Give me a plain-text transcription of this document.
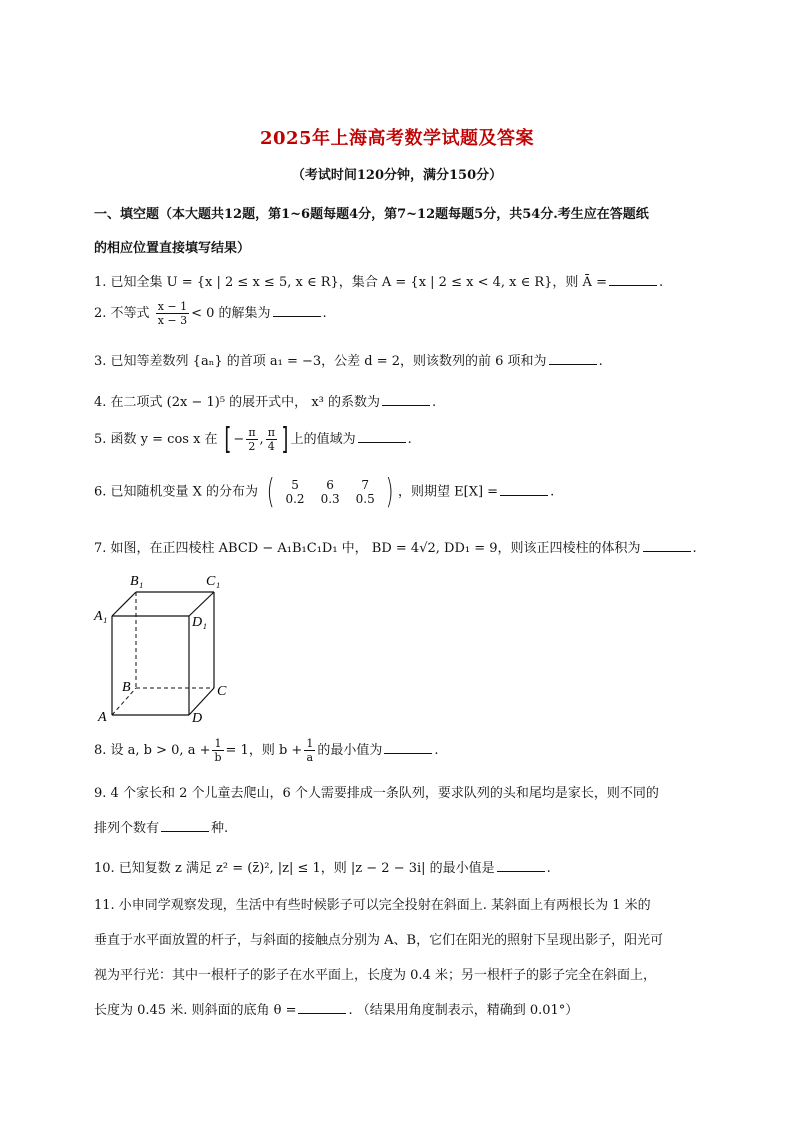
2025年上海高考数学试题及答案
（考试时间120分钟，满分150分）
一、填空题（本大题共12题，第1~6题每题4分，第7~12题每题5分，共54分.考生应在答题纸
的相应位置直接填写结果）
1. 已知全集 U = {x | 2 ≤ x ≤ 5, x ∈ R}，集合 A = {x | 2 ≤ x < 4, x ∈ R}，则 Ā =	.
2. 不等式 $\frac{x - 1}{x - 3} < 0$ 的解集为	.
3. 已知等差数列 {aₙ} 的首项 a₁ = −3，公差 d = 2，则该数列的前 6 项和为	.
4. 在二项式 (2x − 1)⁵ 的展开式中， x³ 的系数为	.
5. 函数 y = cos x 在 [ − $\frac{\pi}{2}$ , $\frac{\pi}{4}$ ] 上的值域为	.
6. 已知随机变量 X 的分布为 ( 5	6	7
0.2	0.3	0.5 ) ，则期望 E[X] =	.
7. 如图，在正四棱柱 ABCD − A₁B₁C₁D₁ 中， BD = 4√2, DD₁ = 9，则该正四棱柱的体积为	.
B₁	C₁
A₁	D₁
B	C
A	D
8. 设 a, b > 0, $a + \frac{1}{b} = 1$，则 $b + \frac{1}{a}$ 的最小值为	.
9. 4 个家长和 2 个儿童去爬山，6 个人需要排成一条队列，要求队列的头和尾均是家长，则不同的
排列个数有	种.
10. 已知复数 z 满足 z² = (z̄)², |z| ≤ 1，则 |z − 2 − 3i| 的最小值是	.
11. 小申同学观察发现，生活中有些时候影子可以完全投射在斜面上. 某斜面上有两根长为 1 米的
垂直于水平面放置的杆子，与斜面的接触点分别为 A、B，它们在阳光的照射下呈现出影子，阳光可
视为平行光：其中一根杆子的影子在水平面上，长度为 0.4 米；另一根杆子的影子完全在斜面上，
长度为 0.45 米. 则斜面的底角 θ =	. （结果用角度制表示，精确到 0.01°）
